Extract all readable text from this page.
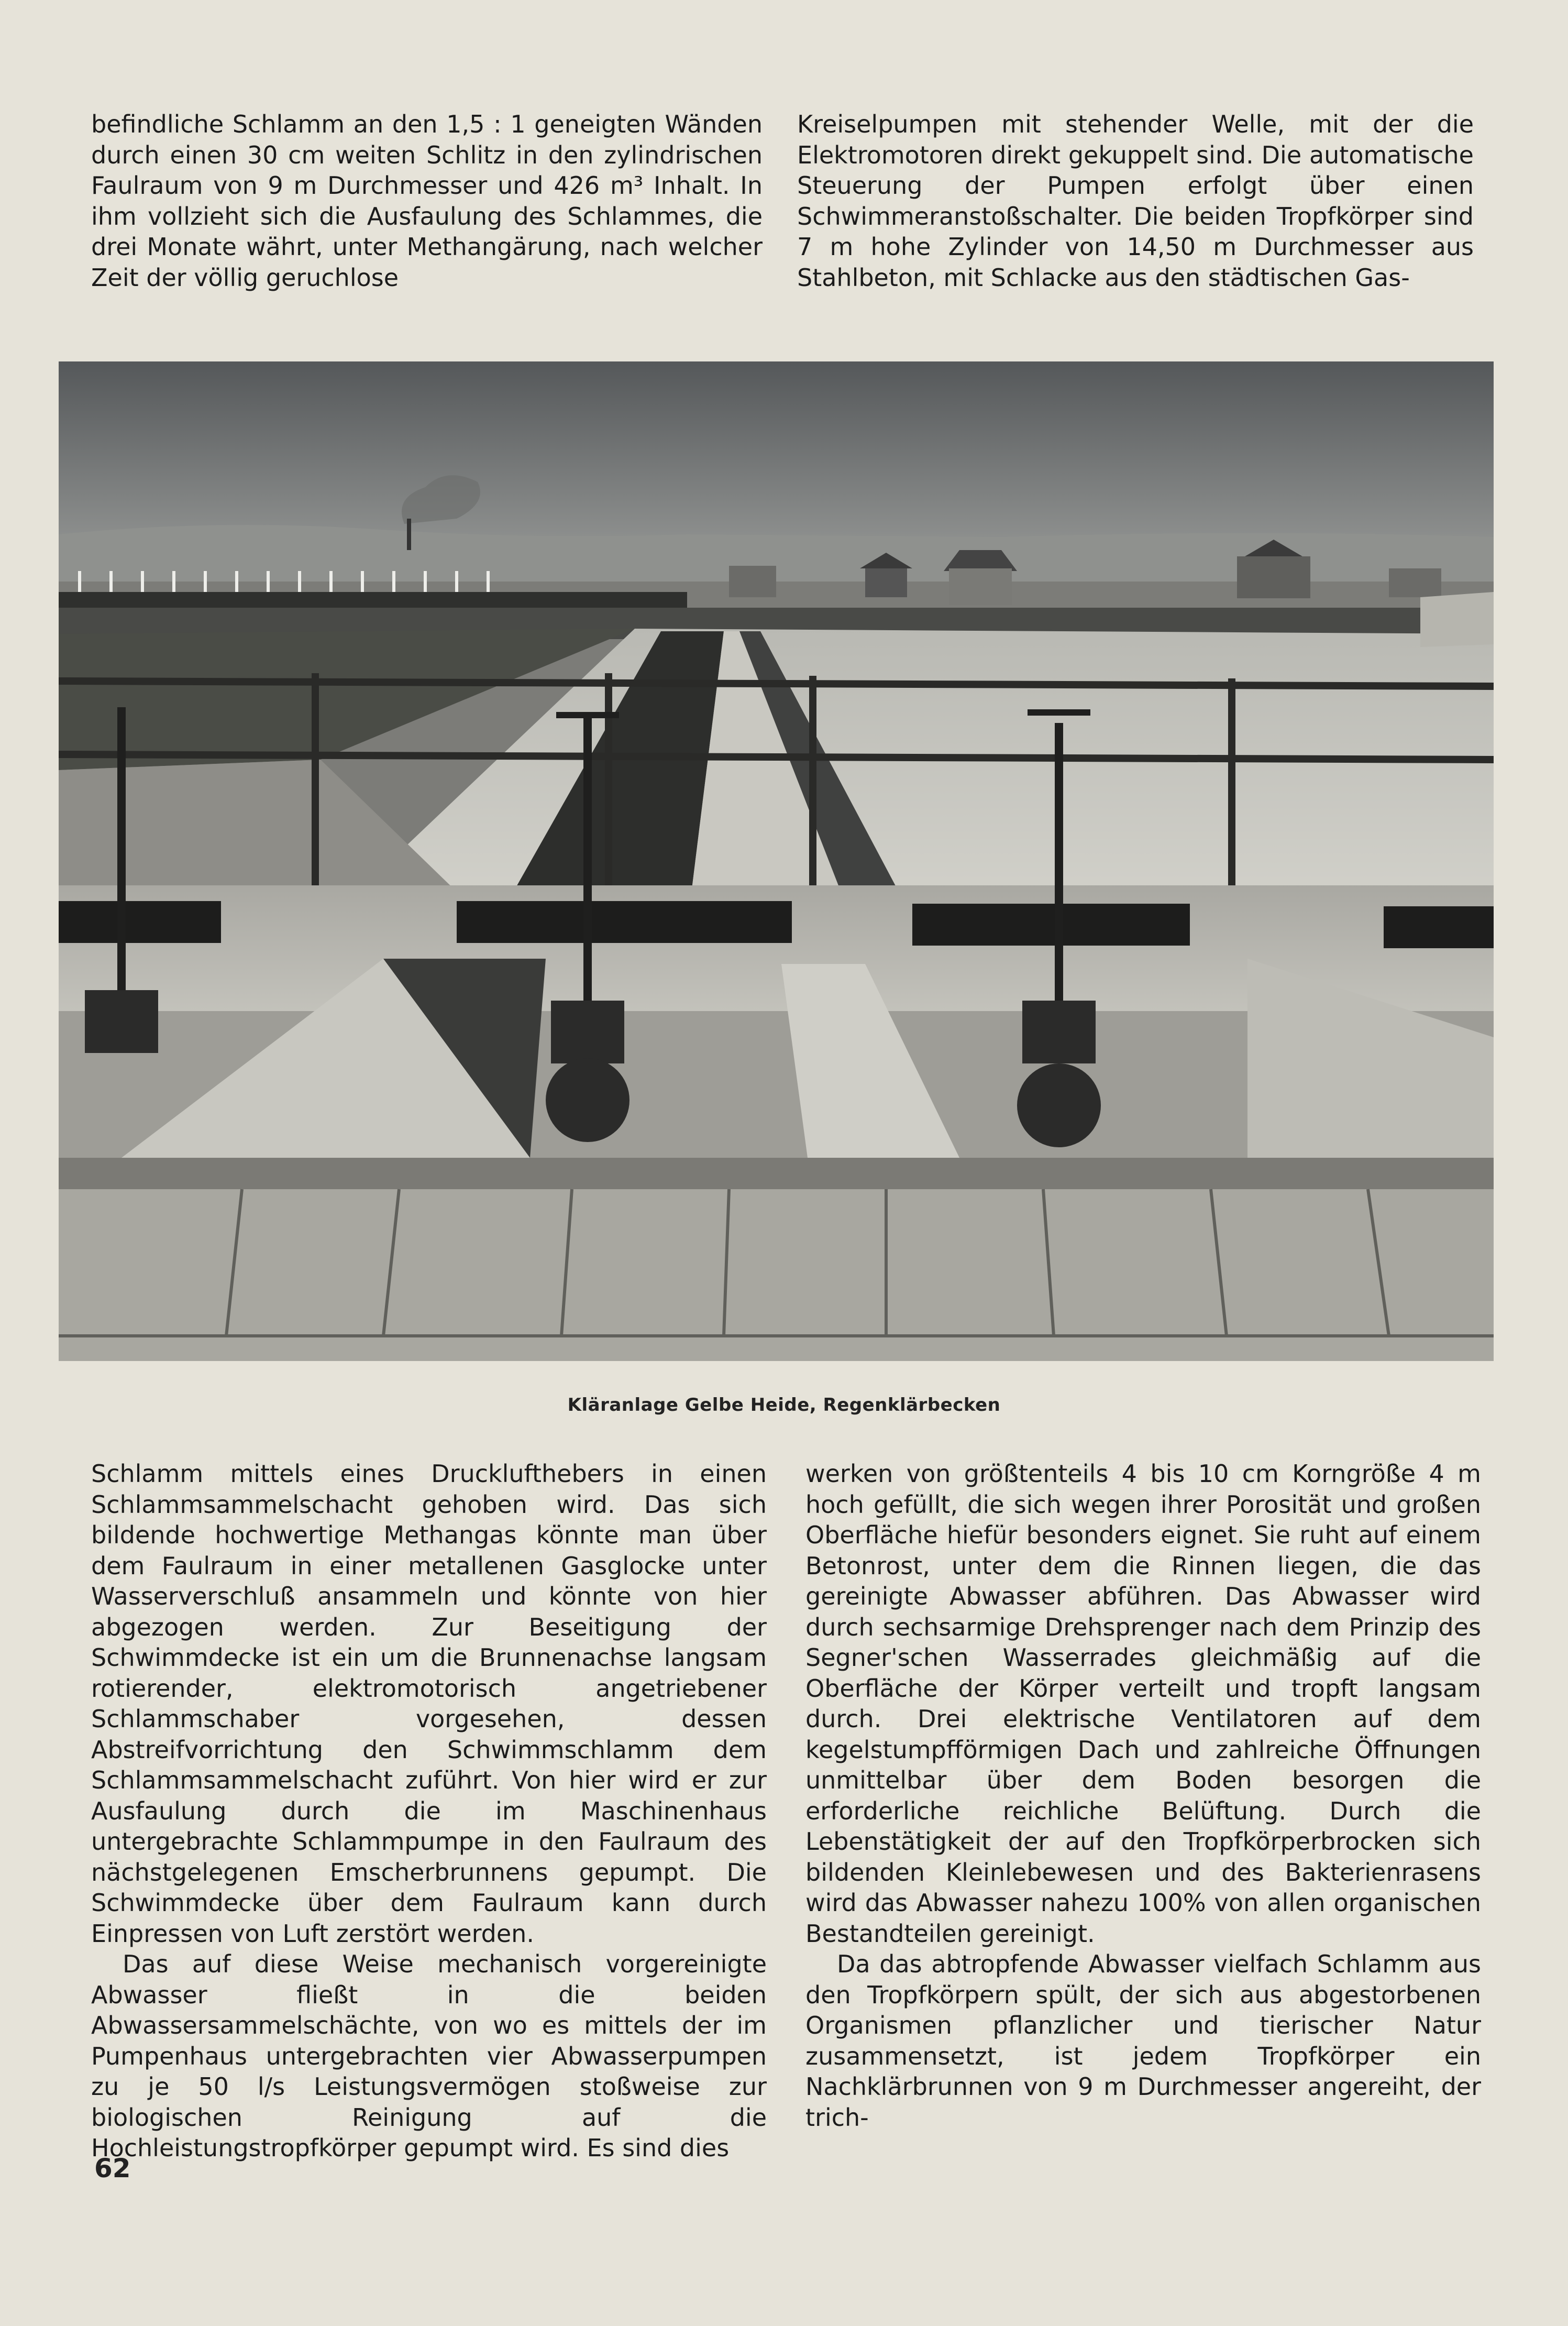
befindliche Schlamm an den 1,5 : 1 geneigten Wänden durch einen 30 cm weiten Schlitz in den zylindrischen Faulraum von 9 m Durchmesser und 426 m³ Inhalt. In ihm vollzieht sich die Ausfaulung des Schlammes, die drei Monate währt, unter Methangärung, nach welcher Zeit der völlig geruchlose

Kreiselpumpen mit stehender Welle, mit der die Elektromotoren direkt gekuppelt sind. Die automatische Steuerung der Pumpen erfolgt über einen Schwimmeranstoßschalter. Die beiden Tropfkörper sind 7 m hohe Zylinder von 14,50 m Durchmesser aus Stahlbeton, mit Schlacke aus den städtischen Gas-

Kläranlage Gelbe Heide, Regenklärbecken

Schlamm mittels eines Drucklufthebers in einen Schlammsammelschacht gehoben wird. Das sich bildende hochwertige Methangas könnte man über dem Faulraum in einer metallenen Gasglocke unter Wasserverschluß ansammeln und könnte von hier abgezogen werden. Zur Beseitigung der Schwimmdecke ist ein um die Brunnenachse langsam rotierender, elektromotorisch angetriebener Schlammschaber vorgesehen, dessen Abstreifvorrichtung den Schwimmschlamm dem Schlammsammelschacht zuführt. Von hier wird er zur Ausfaulung durch die im Maschinenhaus untergebrachte Schlammpumpe in den Faulraum des nächstgelegenen Emscherbrunnens gepumpt. Die Schwimmdecke über dem Faulraum kann durch Einpressen von Luft zerstört werden.

Das auf diese Weise mechanisch vorgereinigte Abwasser fließt in die beiden Abwassersammelschächte, von wo es mittels der im Pumpenhaus untergebrachten vier Abwasserpumpen zu je 50 l/s Leistungsvermögen stoßweise zur biologischen Reinigung auf die Hochleistungstropfkörper gepumpt wird. Es sind dies

werken von größtenteils 4 bis 10 cm Korngröße 4 m hoch gefüllt, die sich wegen ihrer Porosität und großen Oberfläche hiefür besonders eignet. Sie ruht auf einem Betonrost, unter dem die Rinnen liegen, die das gereinigte Abwasser abführen. Das Abwasser wird durch sechsarmige Drehsprenger nach dem Prinzip des Segner'schen Wasserrades gleichmäßig auf die Oberfläche der Körper verteilt und tropft langsam durch. Drei elektrische Ventilatoren auf dem kegelstumpfförmigen Dach und zahlreiche Öffnungen unmittelbar über dem Boden besorgen die erforderliche reichliche Belüftung. Durch die Lebenstätigkeit der auf den Tropfkörperbrocken sich bildenden Kleinlebewesen und des Bakterienrasens wird das Abwasser nahezu 100% von allen organischen Bestandteilen gereinigt.

Da das abtropfende Abwasser vielfach Schlamm aus den Tropfkörpern spült, der sich aus abgestorbenen Organismen pflanzlicher und tierischer Natur zusammensetzt, ist jedem Tropfkörper ein Nachklärbrunnen von 9 m Durchmesser angereiht, der trich-

62
